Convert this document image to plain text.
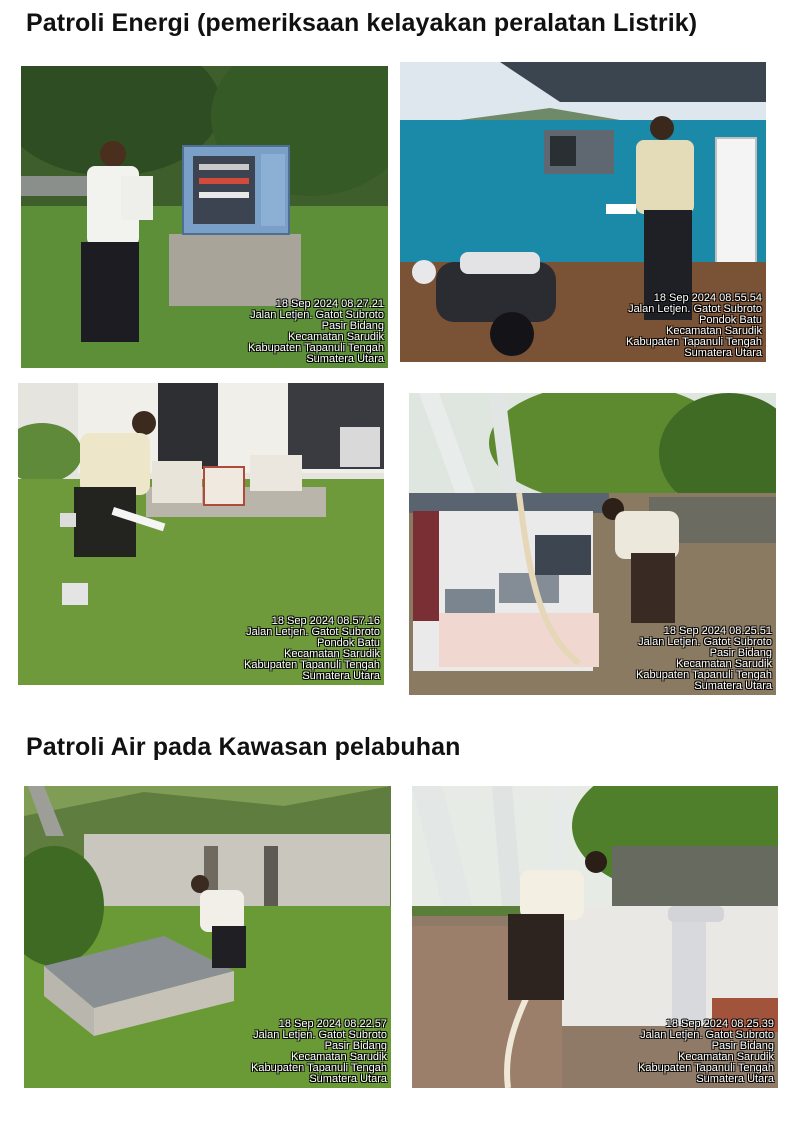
Patroli Energi (pemeriksaan kelayakan peralatan Listrik)
18 Sep 2024 08.27.21
Jalan Letjen. Gatot Subroto
Pasir Bidang
Kecamatan Sarudik
Kabupaten Tapanuli Tengah
Sumatera Utara
18 Sep 2024 08.55.54
Jalan Letjen. Gatot Subroto
Pondok Batu
Kecamatan Sarudik
Kabupaten Tapanuli Tengah
Sumatera Utara
18 Sep 2024 08.57.16
Jalan Letjen. Gatot Subroto
Pondok Batu
Kecamatan Sarudik
Kabupaten Tapanuli Tengah
Sumatera Utara
18 Sep 2024 08.25.51
Jalan Letjen. Gatot Subroto
Pasir Bidang
Kecamatan Sarudik
Kabupaten Tapanuli Tengah
Sumatera Utara
Patroli Air pada Kawasan pelabuhan
18 Sep 2024 08.22.57
Jalan Letjen. Gatot Subroto
Pasir Bidang
Kecamatan Sarudik
Kabupaten Tapanuli Tengah
Sumatera Utara
18 Sep 2024 08.25.39
Jalan Letjen. Gatot Subroto
Pasir Bidang
Kecamatan Sarudik
Kabupaten Tapanuli Tengah
Sumatera Utara
